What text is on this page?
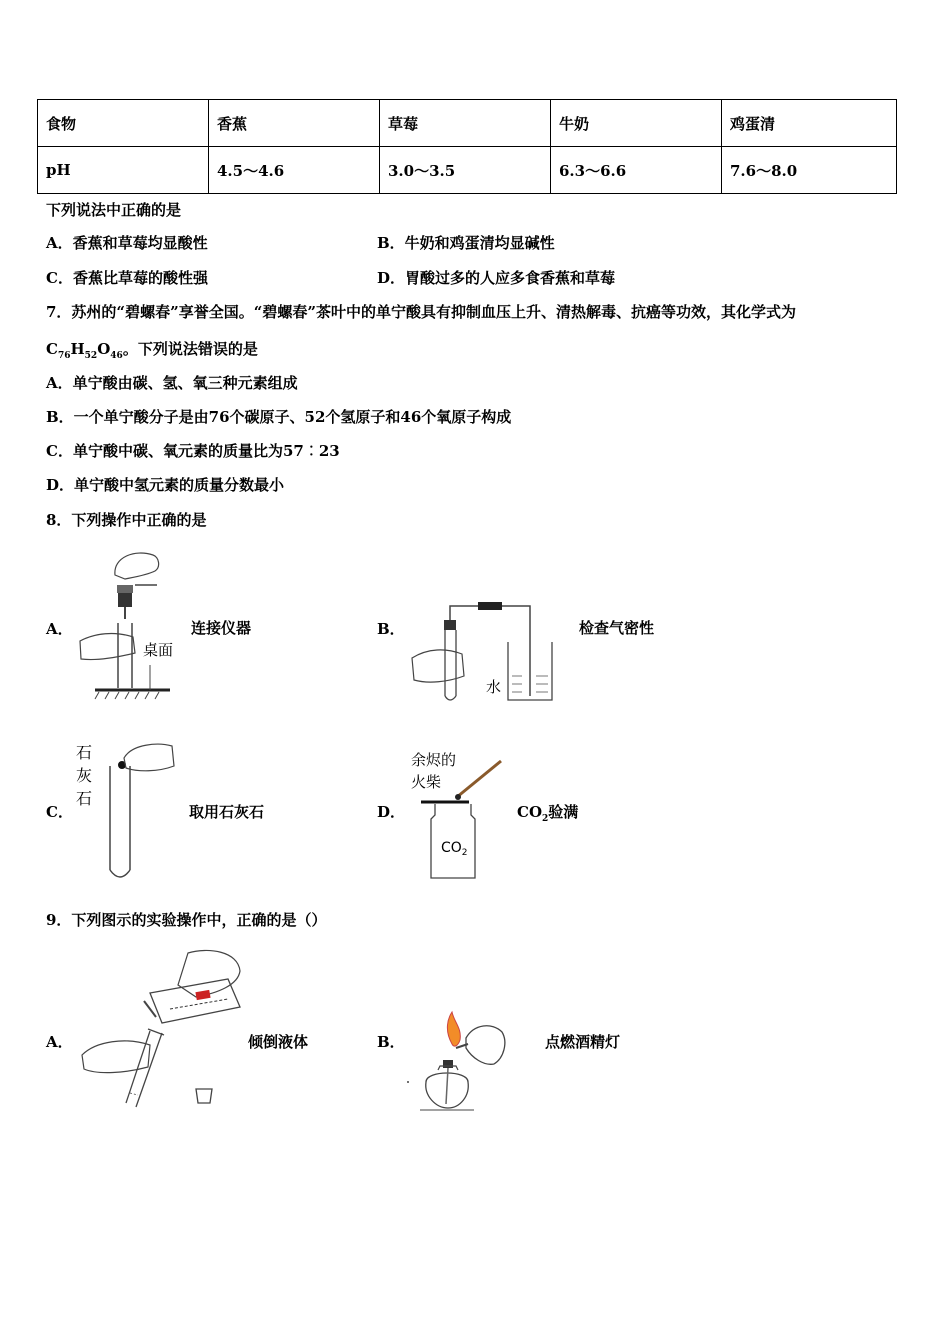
食物	香蕉	草莓	牛奶	鸡蛋清
pH	4.5～4.6	3.0～3.5	6.3～6.6	7.6～8.0
下列说法中正确的是
A．香蕉和草莓均显酸性	B．牛奶和鸡蛋清均显碱性
C．香蕉比草莓的酸性强	D．胃酸过多的人应多食香蕉和草莓
7．苏州的“碧螺春”享誉全国。“碧螺春”茶叶中的单宁酸具有抑制血压上升、清热解毒、抗癌等功效，其化学式为
$C_{76}H_{52}O_{46}$。下列说法错误的是
A．单宁酸由碳、氢、氧三种元素组成
B．一个单宁酸分子是由76个碳原子、52个氢原子和46个氧原子构成
C．单宁酸中碳、氧元素的质量比为57︰23
D．单宁酸中氢元素的质量分数最小
8．下列操作中正确的是
A．
桌面
连接仪器	B．
水
检查气密性
C．
石
灰
石
取用石灰石	D．
余烬的
火柴
$CO_2$
$CO_2$验满
9．下列图示的实验操作中，正确的是（）
A．	倾倒液体	B．	点燃酒精灯
